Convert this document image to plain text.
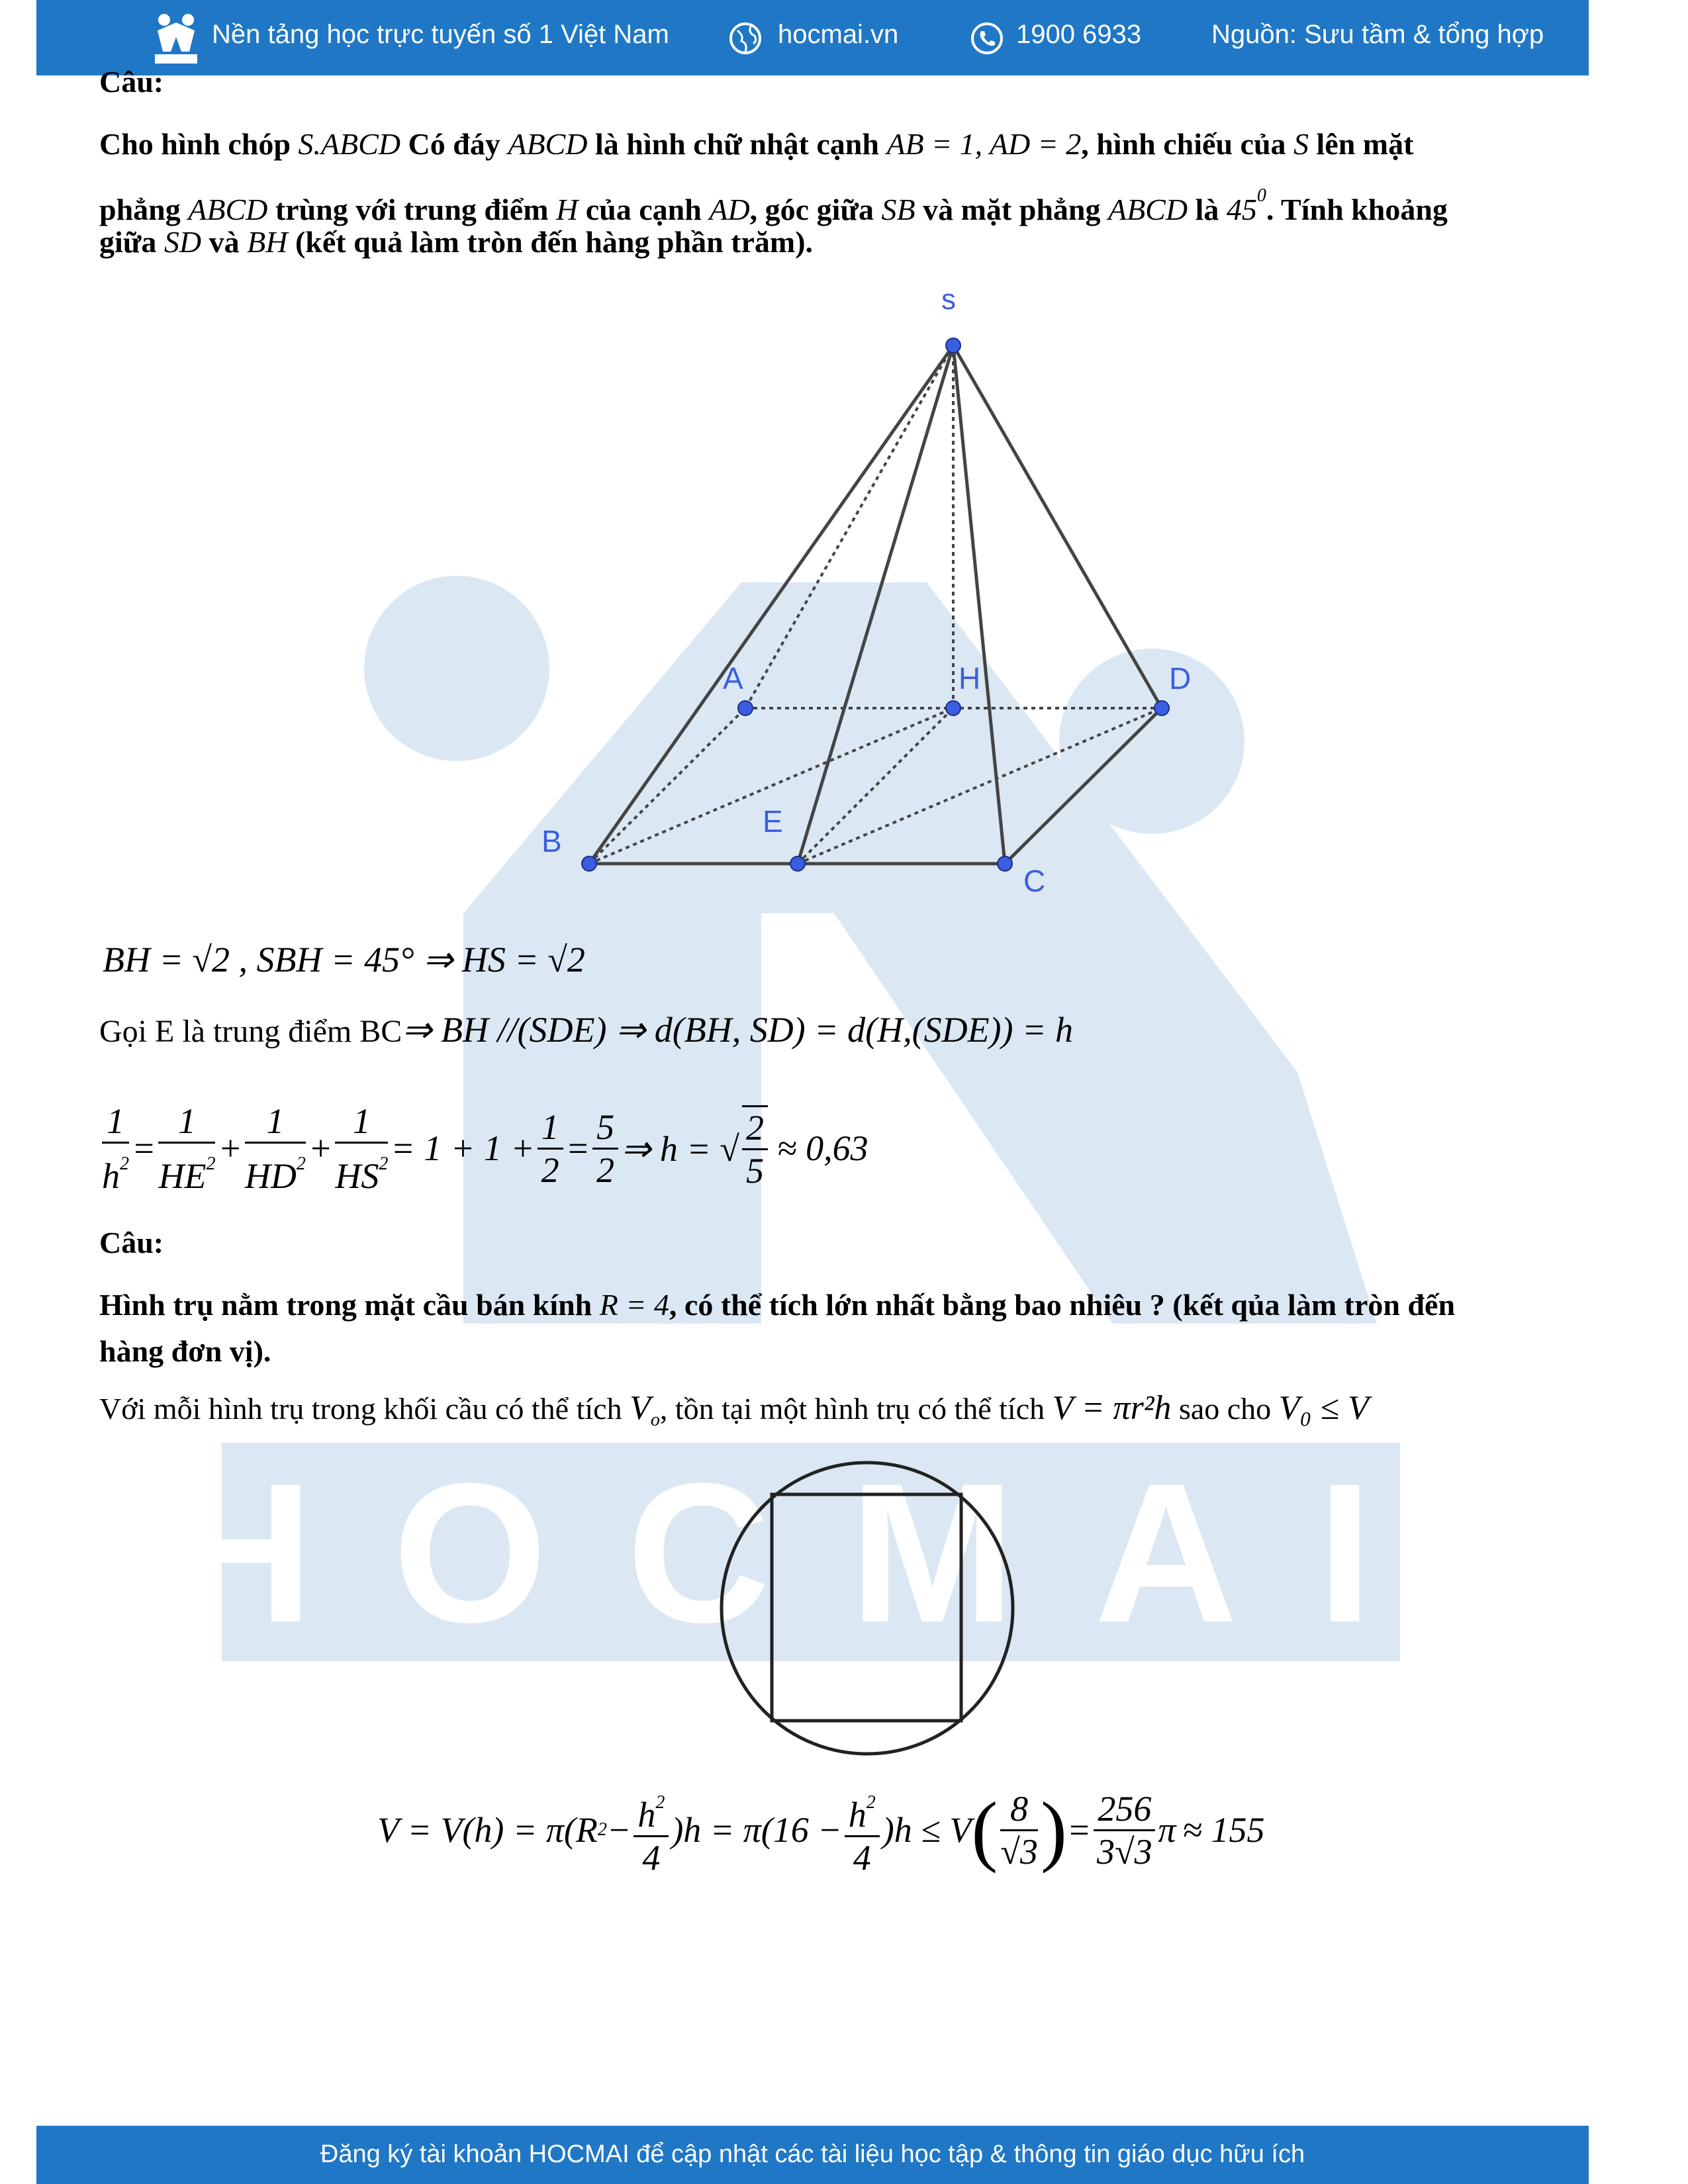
HOCMAI
Nền tảng học trực tuyến số 1 Việt Nam	hocmai.vn	1900 6933	Nguồn: Sưu tầm & tổng hợp
Câu:
Cho hình chóp S.ABCD Có đáy ABCD là hình chữ nhật cạnh AB = 1, AD = 2, hình chiếu của S lên mặt
phẳng ABCD trùng với trung điểm H của cạnh AD, góc giữa SB và mặt phẳng ABCD là $45^0$. Tính khoảng
giữa SD và BH (kết quả làm tròn đến hàng phần trăm).
s
A	H	D
B
E
C
BH = √2 , SBH = 45° ⇒ HS = √2
Gọi E là trung điểm BC⇒ BH //(SDE) ⇒ d(BH, SD) = d(H,(SDE)) = h
$\frac{1}{h^2} = \frac{1}{HE^2} + \frac{1}{HD^2} + \frac{1}{HS^2} = 1 + 1 + \frac{1}{2} = \frac{5}{2}$ ⇒ h = √ $\frac{2}{5} \approx 0,63$
Câu:
Hình trụ nằm trong mặt cầu bán kính R = 4, có thể tích lớn nhất bằng bao nhiêu ? (kết qủa làm tròn đến
hàng đơn vị).
Với mỗi hình trụ trong khối cầu có thể tích $V_o$, tồn tại một hình trụ có thể tích V = πr²h sao cho V₀ ≤ V
V = V(h) = π(R $2 - \frac{h^2}{4} )h = \pi(16 - \frac{h^2}{4} )h \le V$ ( $\frac{8}{√3}$ ) = $\frac{256}{3√3}$ π ≈ 155
Đăng ký tài khoản HOCMAI để cập nhật các tài liệu học tập & thông tin giáo dục hữu ích
